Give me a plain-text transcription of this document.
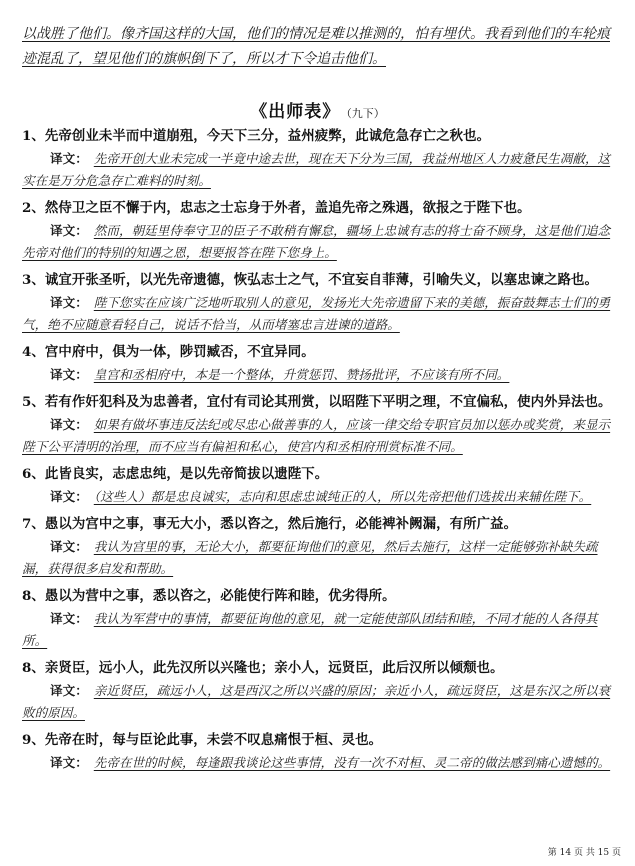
以战胜了他们。像齐国这样的大国，他们的情况是难以推测的，怕有埋伏。我看到他们的车轮痕迹混乱了，望见他们的旗帜倒下了，所以才下令追击他们。
《出师表》 （九下）
1、先帝创业未半而中道崩殂，今天下三分，益州疲弊，此诚危急存亡之秋也。
译文： 先帝开创大业未完成一半竟中途去世，现在天下分为三国，我益州地区人力疲惫民生凋敝，这实在是万分危急存亡难料的时刻。
2、然侍卫之臣不懈于内，忠志之士忘身于外者，盖追先帝之殊遇，欲报之于陛下也。
译文： 然而，朝廷里侍奉守卫的臣子不敢稍有懈怠，疆场上忠诚有志的将士奋不顾身，这是他们追念先帝对他们的特别的知遇之恩，想要报答在陛下您身上。
3、诚宜开张圣听，以光先帝遗德，恢弘志士之气，不宜妄自菲薄，引喻失义，以塞忠谏之路也。
译文： 陛下您实在应该广泛地听取别人的意见，发扬光大先帝遗留下来的美德，振奋鼓舞志士们的勇气，绝不应随意看轻自己，说话不恰当，从而堵塞忠言进谏的道路。
4、宫中府中，俱为一体，陟罚臧否，不宜异同。
译文： 皇宫和丞相府中，本是一个整体，升赏惩罚、赞扬批评，不应该有所不同。
5、若有作奸犯科及为忠善者，宜付有司论其刑赏，以昭陛下平明之理，不宜偏私，使内外异法也。
译文： 如果有做坏事违反法纪或尽忠心做善事的人，应该一律交给专职官员加以惩办或奖赏，来显示陛下公平清明的治理，而不应当有偏袒和私心，使宫内和丞相府刑赏标准不同。
6、此皆良实，志虑忠纯，是以先帝简拔以遗陛下。
译文： （这些人）都是忠良诚实，志向和思虑忠诚纯正的人，所以先帝把他们选拔出来辅佐陛下。
7、愚以为宫中之事，事无大小，悉以咨之，然后施行，必能裨补阙漏，有所广益。
译文： 我认为宫里的事，无论大小，都要征询他们的意见，然后去施行，这样一定能够弥补缺失疏漏，获得很多启发和帮助。
8、愚以为营中之事，悉以咨之，必能使行阵和睦，优劣得所。
译文： 我认为军营中的事情，都要征询他的意见，就一定能使部队团结和睦，不同才能的人各得其所。
8、亲贤臣，远小人，此先汉所以兴隆也；亲小人，远贤臣，此后汉所以倾颓也。
译文： 亲近贤臣，疏远小人，这是西汉之所以兴盛的原因；亲近小人，疏远贤臣，这是东汉之所以衰败的原因。
9、先帝在时，每与臣论此事，未尝不叹息痛恨于桓、灵也。
译文： 先帝在世的时候，每逢跟我谈论这些事情，没有一次不对桓、灵二帝的做法感到痛心遗憾的。
第 14 页 共 15 页
